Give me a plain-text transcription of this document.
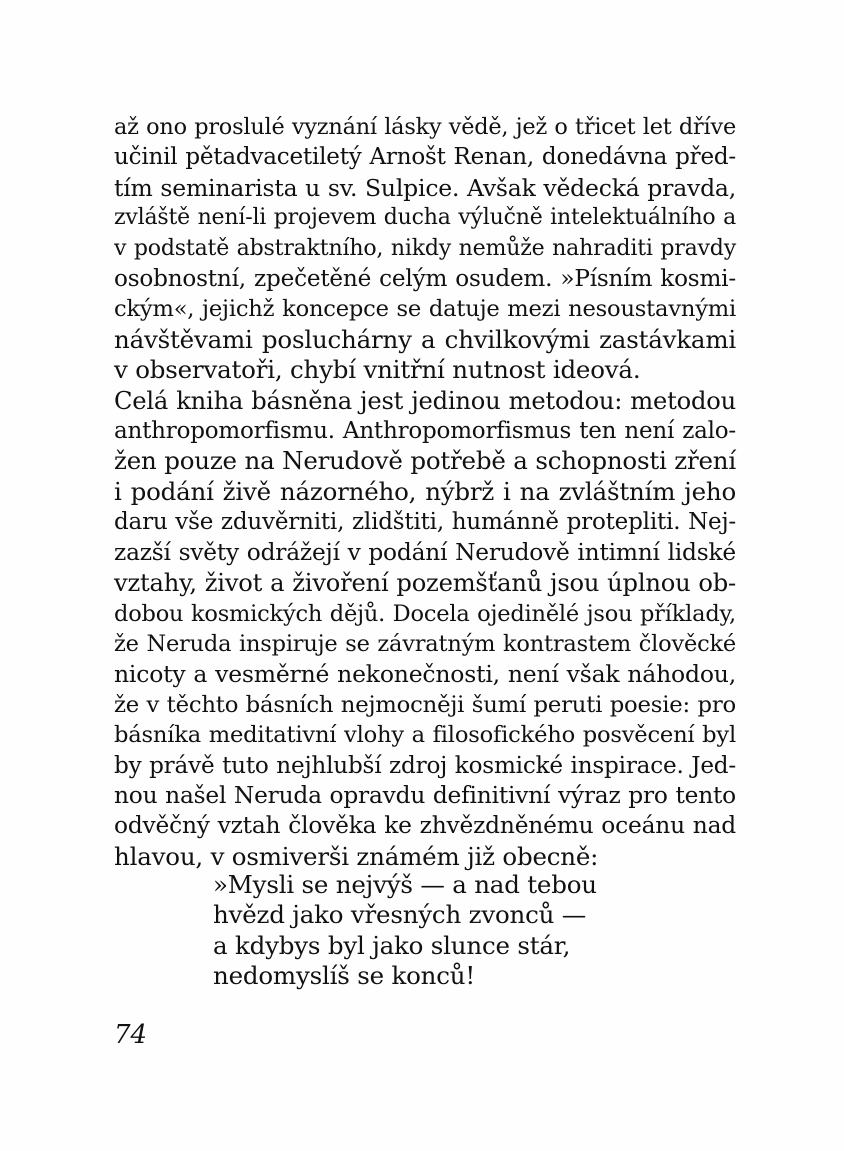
až ono proslulé vyznání lásky vědě, jež o třicet let dříve
učinil pětadvacetiletý Arnošt Renan, donedávna před-
tím seminarista u sv. Sulpice. Avšak vědecká pravda,
zvláště není-li projevem ducha výlučně intelektuálního a
v podstatě abstraktního, nikdy nemůže nahraditi pravdy
osobnostní, zpečetěné celým osudem. »Písním kosmi-
ckým«, jejichž koncepce se datuje mezi nesoustavnými
návštěvami posluchárny a chvilkovými zastávkami
v observatoři, chybí vnitřní nutnost ideová.
Celá kniha básněna jest jedinou metodou: metodou
anthropomorfismu. Anthropomorfismus ten není zalo-
žen pouze na Nerudově potřebě a schopnosti zření
i podání živě názorného, nýbrž i na zvláštním jeho
daru vše zduvěrniti, zlidštiti, humánně protepliti. Nej-
zazší světy odrážejí v podání Nerudově intimní lidské
vztahy, život a živoření pozemšťanů jsou úplnou ob-
dobou kosmických dějů. Docela ojedinělé jsou příklady,
že Neruda inspiruje se závratným kontrastem člověcké
nicoty a vesměrné nekonečnosti, není však náhodou,
že v těchto básních nejmocněji šumí peruti poesie: pro
básníka meditativní vlohy a filosofického posvěcení byl
by právě tuto nejhlubší zdroj kosmické inspirace. Jed-
nou našel Neruda opravdu definitivní výraz pro tento
odvěčný vztah člověka ke zhvězdněnému oceánu nad
hlavou, v osmiverši známém již obecně:
»Mysli se nejvýš — a nad tebou
hvězd jako vřesných zvonců —
a kdybys byl jako slunce stár,
nedomyslíš se konců!
74
